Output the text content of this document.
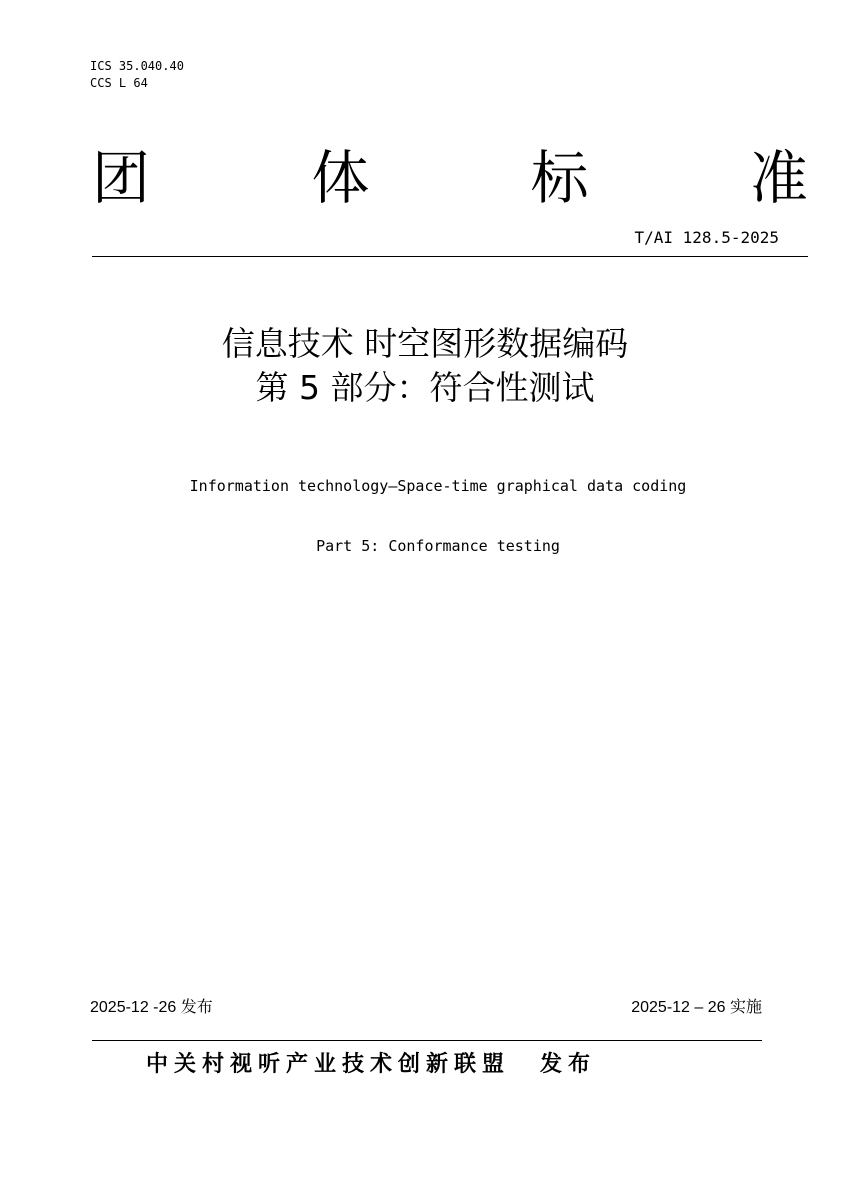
ICS 35.040.40
CCS L 64
团	体	标	准
T/AI 128.5-2025
信息技术 时空图形数据编码
第 5 部分：符合性测试
Information technology—Space-time graphical data coding
Part 5: Conformance testing
2025-12 -26 发布	2025-12 – 26 实施
中关村视听产业技术创新联盟 发布
